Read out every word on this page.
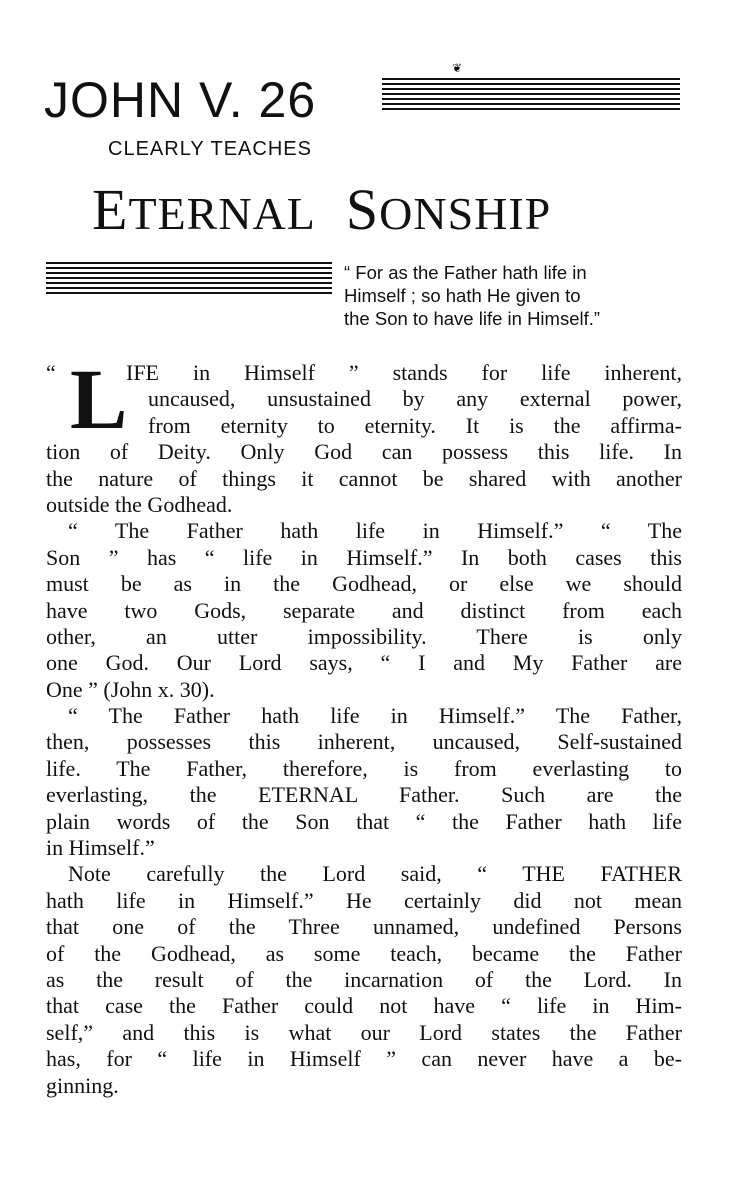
❦
JOHN V. 26

CLEARLY TEACHES

ETERNAL SONSHIP

“ For as the Father hath life in
Himself ; so hath He given to
the Son to have life in Himself.”

“ L
IFE in Himself ” stands for life inherent,
uncaused, unsustained by any external power,
from eternity to eternity. It is the affirma-
tion of Deity. Only God can possess this life. In
the nature of things it cannot be shared with another
outside the Godhead.
“ The Father hath life in Himself.” “ The
Son ” has “ life in Himself.” In both cases this
must be as in the Godhead, or else we should
have two Gods, separate and distinct from each
other, an utter impossibility. There is only
one God. Our Lord says, “ I and My Father are
One ” (John x. 30).
“ The Father hath life in Himself.” The Father,
then, possesses this inherent, uncaused, Self-sustained
life. The Father, therefore, is from everlasting to
everlasting, the ETERNAL Father. Such are the
plain words of the Son that “ the Father hath life
in Himself.”
Note carefully the Lord said, “ THE FATHER
hath life in Himself.” He certainly did not mean
that one of the Three unnamed, undefined Persons
of the Godhead, as some teach, became the Father
as the result of the incarnation of the Lord. In
that case the Father could not have “ life in Him-
self,” and this is what our Lord states the Father
has, for “ life in Himself ” can never have a be-
ginning.
